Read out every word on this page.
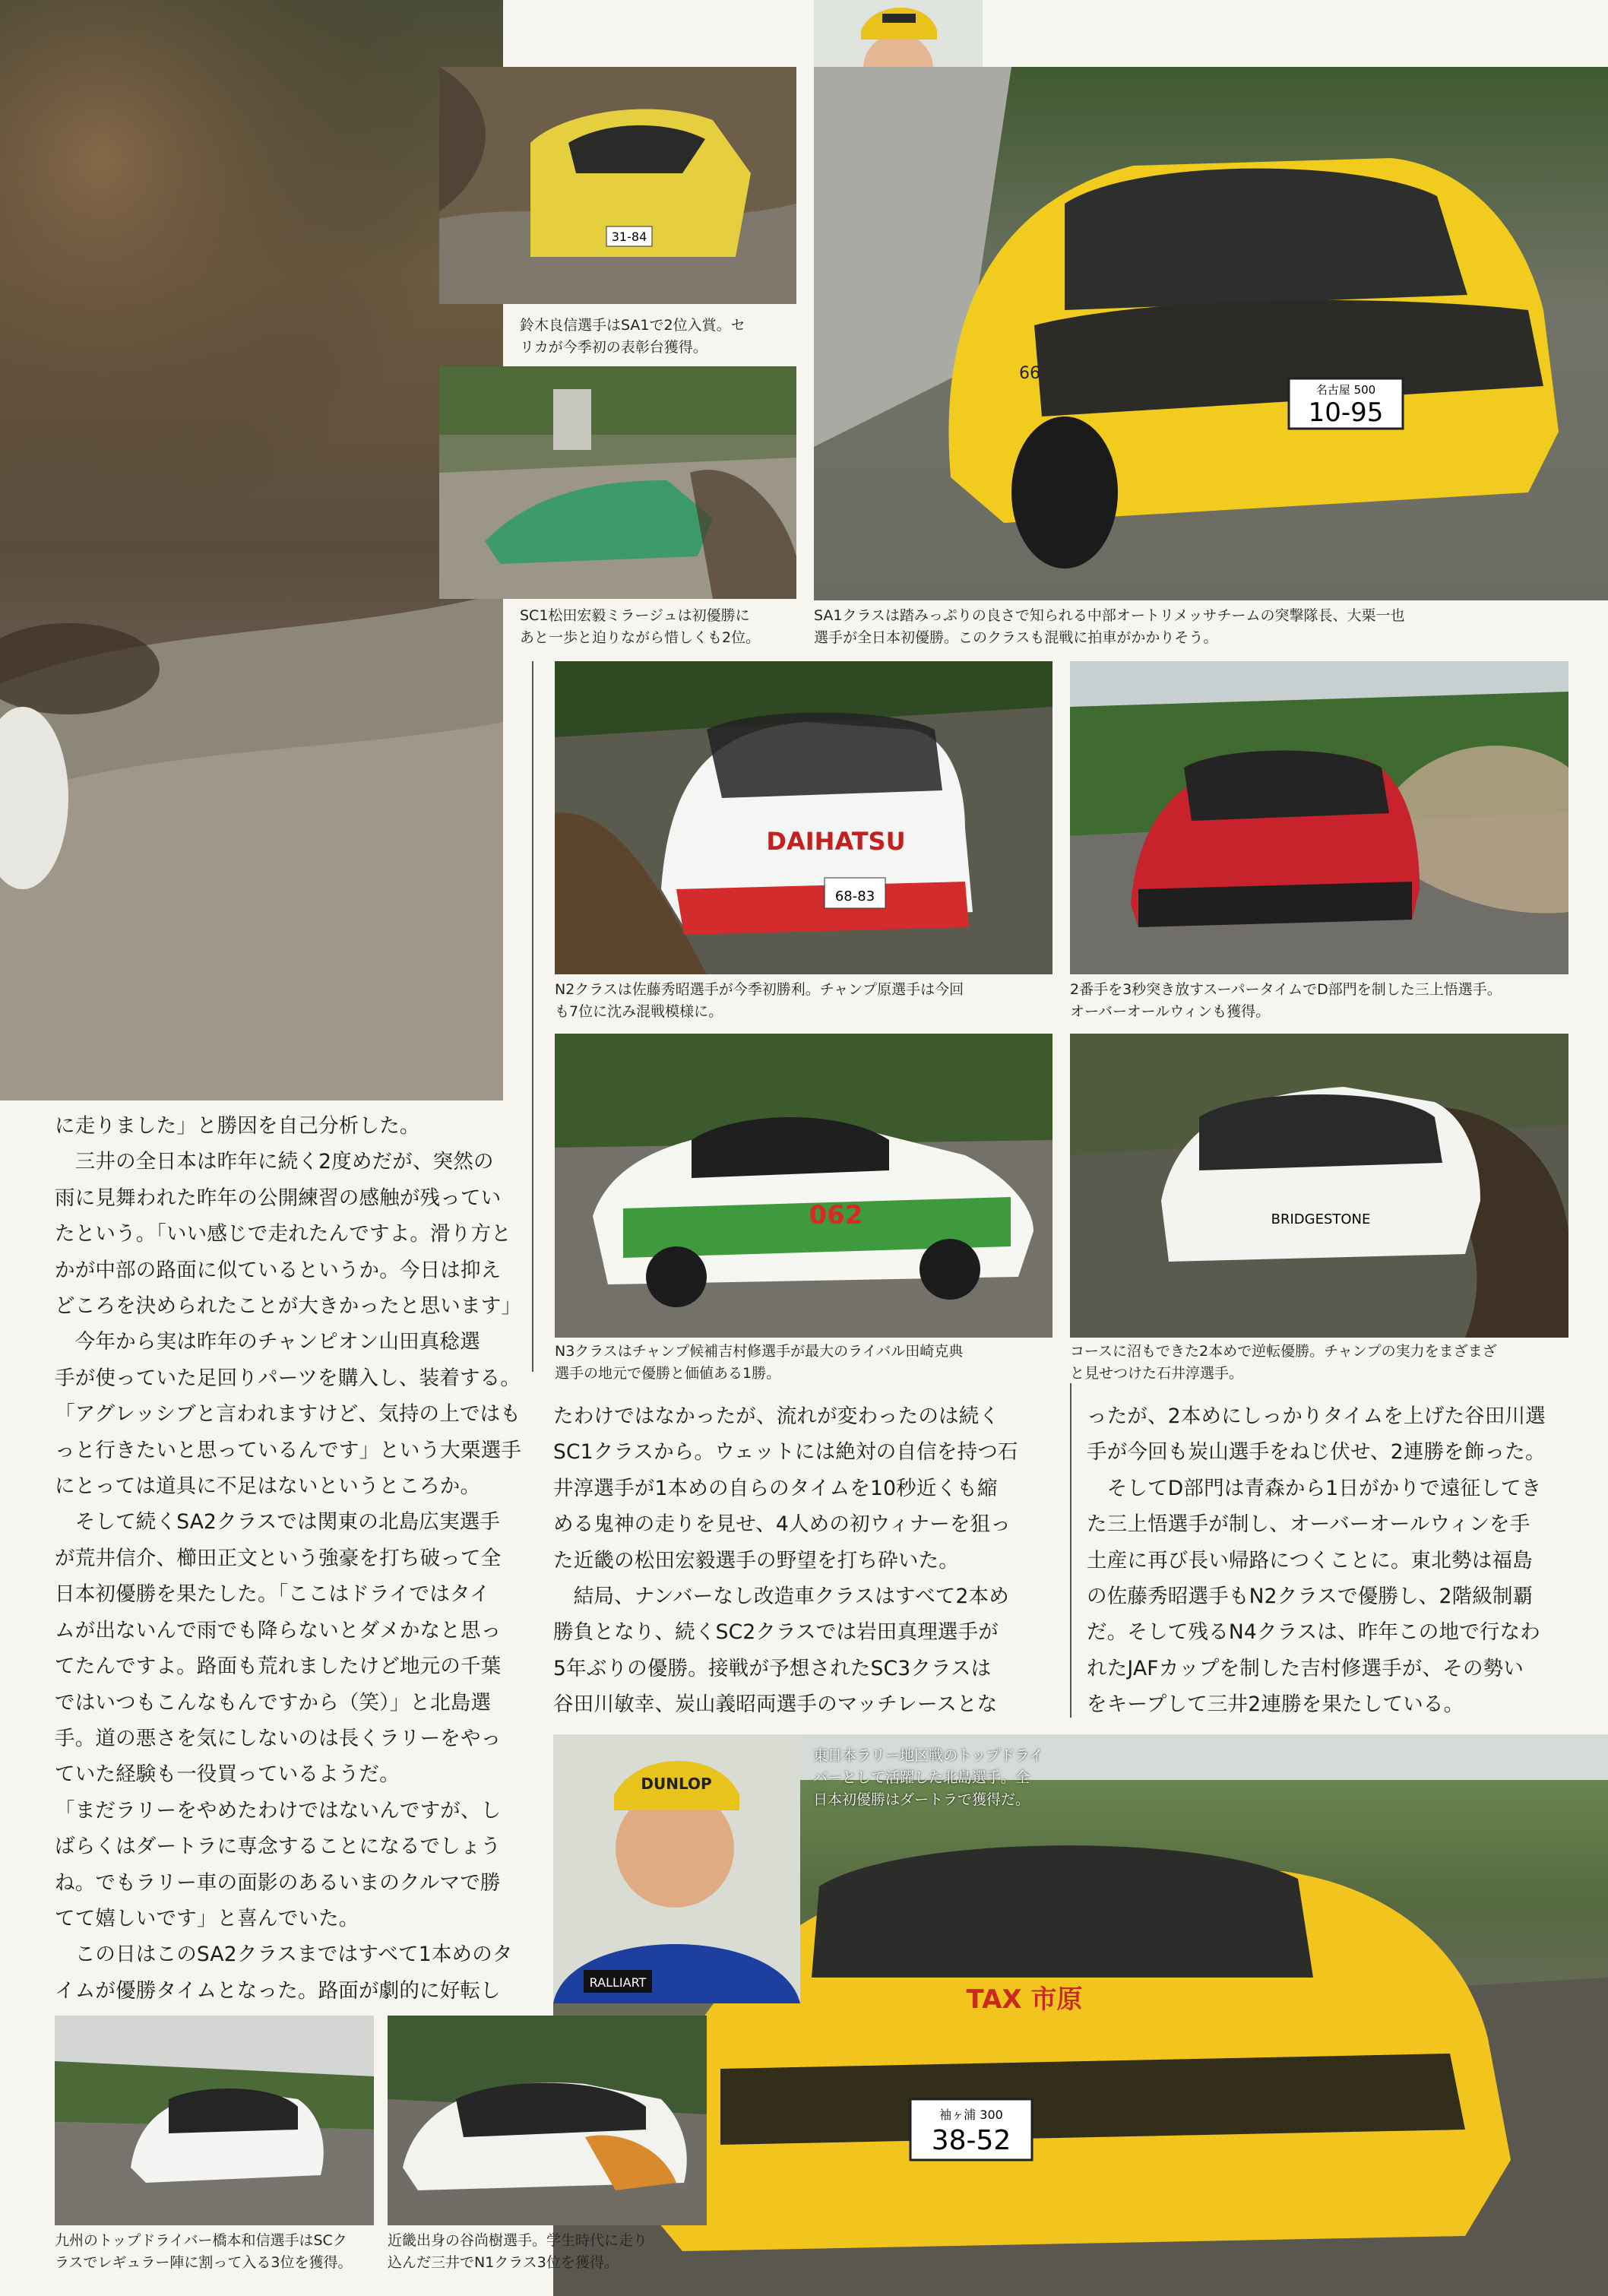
31-84
鈴木良信選手はSA1で2位入賞。セ
リカが今季初の表彰台獲得。
SC1松田宏毅ミラージュは初優勝に
あと一歩と迫りながら惜しくも2位。
名古屋 500
10-95
66
SA1クラスは踏みっぷりの良さで知られる中部オートリメッサチームの突撃隊長、大栗一也
選手が全日本初優勝。このクラスも混戦に拍車がかかりそう。
DAIHATSU
68-83
N2クラスは佐藤秀昭選手が今季初勝利。チャンプ原選手は今回
も7位に沈み混戦模様に。
2番手を3秒突き放すスーパータイムでD部門を制した三上悟選手。
オーバーオールウィンも獲得。
062
N3クラスはチャンプ候補吉村修選手が最大のライバル田崎克典
選手の地元で優勝と価値ある1勝。
BRIDGESTONE
コースに沼もできた2本めで逆転優勝。チャンプの実力をまざまざ
と見せつけた石井淳選手。

に走りました」と勝因を自己分析した。

　三井の全日本は昨年に続く2度めだが、突然の

雨に見舞われた昨年の公開練習の感触が残ってい

たという。「いい感じで走れたんですよ。滑り方と

かが中部の路面に似ているというか。今日は抑え

どころを決められたことが大きかったと思います」

　今年から実は昨年のチャンピオン山田真稔選

手が使っていた足回りパーツを購入し、装着する。

「アグレッシブと言われますけど、気持の上ではも

っと行きたいと思っているんです」という大栗選手

にとっては道具に不足はないというところか。

　そして続くSA2クラスでは関東の北島広実選手

が荒井信介、櫛田正文という強豪を打ち破って全

日本初優勝を果たした。「ここはドライではタイ

ムが出ないんで雨でも降らないとダメかなと思っ

てたんですよ。路面も荒れましたけど地元の千葉

ではいつもこんなもんですから（笑）」と北島選

手。道の悪さを気にしないのは長くラリーをやっ

ていた経験も一役買っているようだ。

「まだラリーをやめたわけではないんですが、し

ばらくはダートラに専念することになるでしょう

ね。でもラリー車の面影のあるいまのクルマで勝

てて嬉しいです」と喜んでいた。

　この日はこのSA2クラスまではすべて1本めのタ

イムが優勝タイムとなった。路面が劇的に好転し

たわけではなかったが、流れが変わったのは続く

SC1クラスから。ウェットには絶対の自信を持つ石

井淳選手が1本めの自らのタイムを10秒近くも縮

める鬼神の走りを見せ、4人めの初ウィナーを狙っ

た近畿の松田宏毅選手の野望を打ち砕いた。

　結局、ナンバーなし改造車クラスはすべて2本め

勝負となり、続くSC2クラスでは岩田真理選手が

5年ぶりの優勝。接戦が予想されたSC3クラスは

谷田川敏幸、炭山義昭両選手のマッチレースとな

ったが、2本めにしっかりタイムを上げた谷田川選

手が今回も炭山選手をねじ伏せ、2連勝を飾った。

　そしてD部門は青森から1日がかりで遠征してき

た三上悟選手が制し、オーバーオールウィンを手

土産に再び長い帰路につくことに。東北勢は福島

の佐藤秀昭選手もN2クラスで優勝し、2階級制覇

だ。そして残るN4クラスは、昨年この地で行なわ

れたJAFカップを制した吉村修選手が、その勢い

をキープして三井2連勝を果たしている。

TAX 市原
袖ヶ浦 300
38-52
東日本ラリー地区戦のトップドライ
バーとして活躍した北島選手。全
日本初優勝はダートラで獲得だ。
DUNLOP
RALLIART
九州のトップドライバー橋本和信選手はSCク
ラスでレギュラー陣に割って入る3位を獲得。
近畿出身の谷尚樹選手。学生時代に走り
込んだ三井でN1クラス3位を獲得。
